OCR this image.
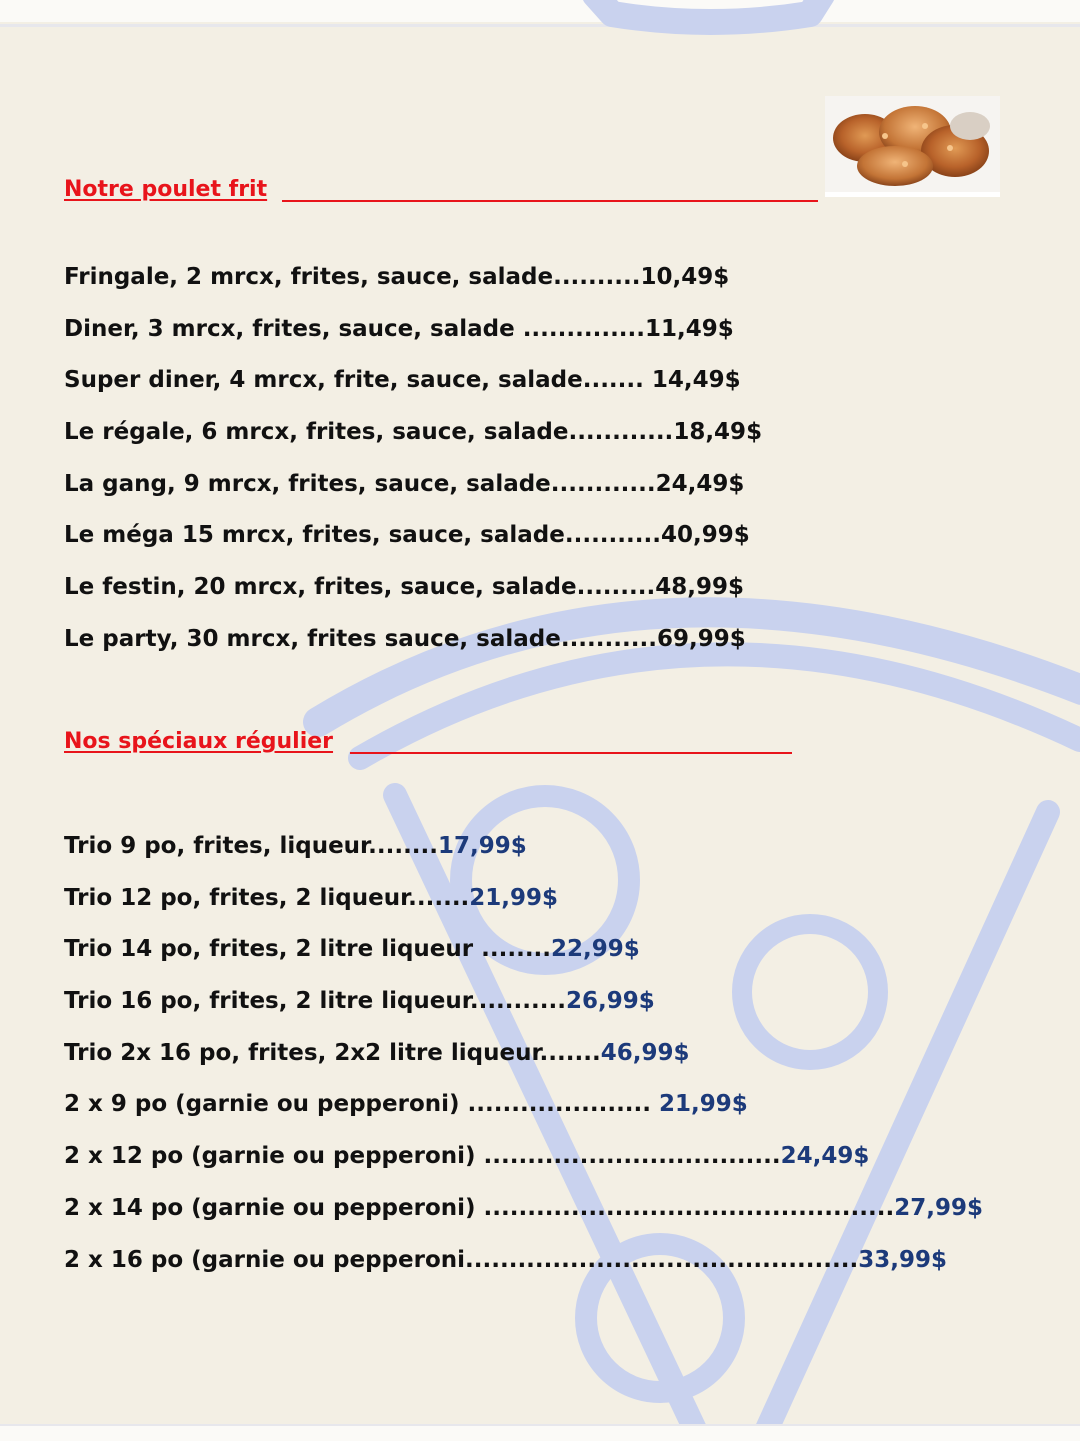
Notre poulet frit
Fringale, 2 mrcx, frites, sauce, salade..........10,49$
Diner, 3 mrcx, frites, sauce, salade ..............11,49$
Super diner, 4 mrcx, frite, sauce, salade....... 14,49$
Le régale, 6 mrcx, frites, sauce, salade............18,49$
La gang, 9 mrcx, frites, sauce, salade............24,49$
Le méga 15 mrcx, frites, sauce, salade...........40,99$
Le festin, 20 mrcx, frites, sauce, salade.........48,99$
Le party, 30 mrcx, frites sauce, salade...........69,99$
Nos spéciaux régulier
Trio 9 po, frites, liqueur........17,99$
Trio 12 po, frites, 2 liqueur.......21,99$
Trio 14 po, frites, 2 litre liqueur ........22,99$
Trio 16 po, frites, 2 litre liqueur...........26,99$
Trio 2x 16 po, frites, 2x2 litre liqueur.......46,99$
2 x 9 po (garnie ou pepperoni) ..................... 21,99$
2 x 12 po (garnie ou pepperoni) ..................................24,49$
2 x 14 po (garnie ou pepperoni) ...............................................27,99$
2 x 16 po (garnie ou pepperoni.............................................33,99$
